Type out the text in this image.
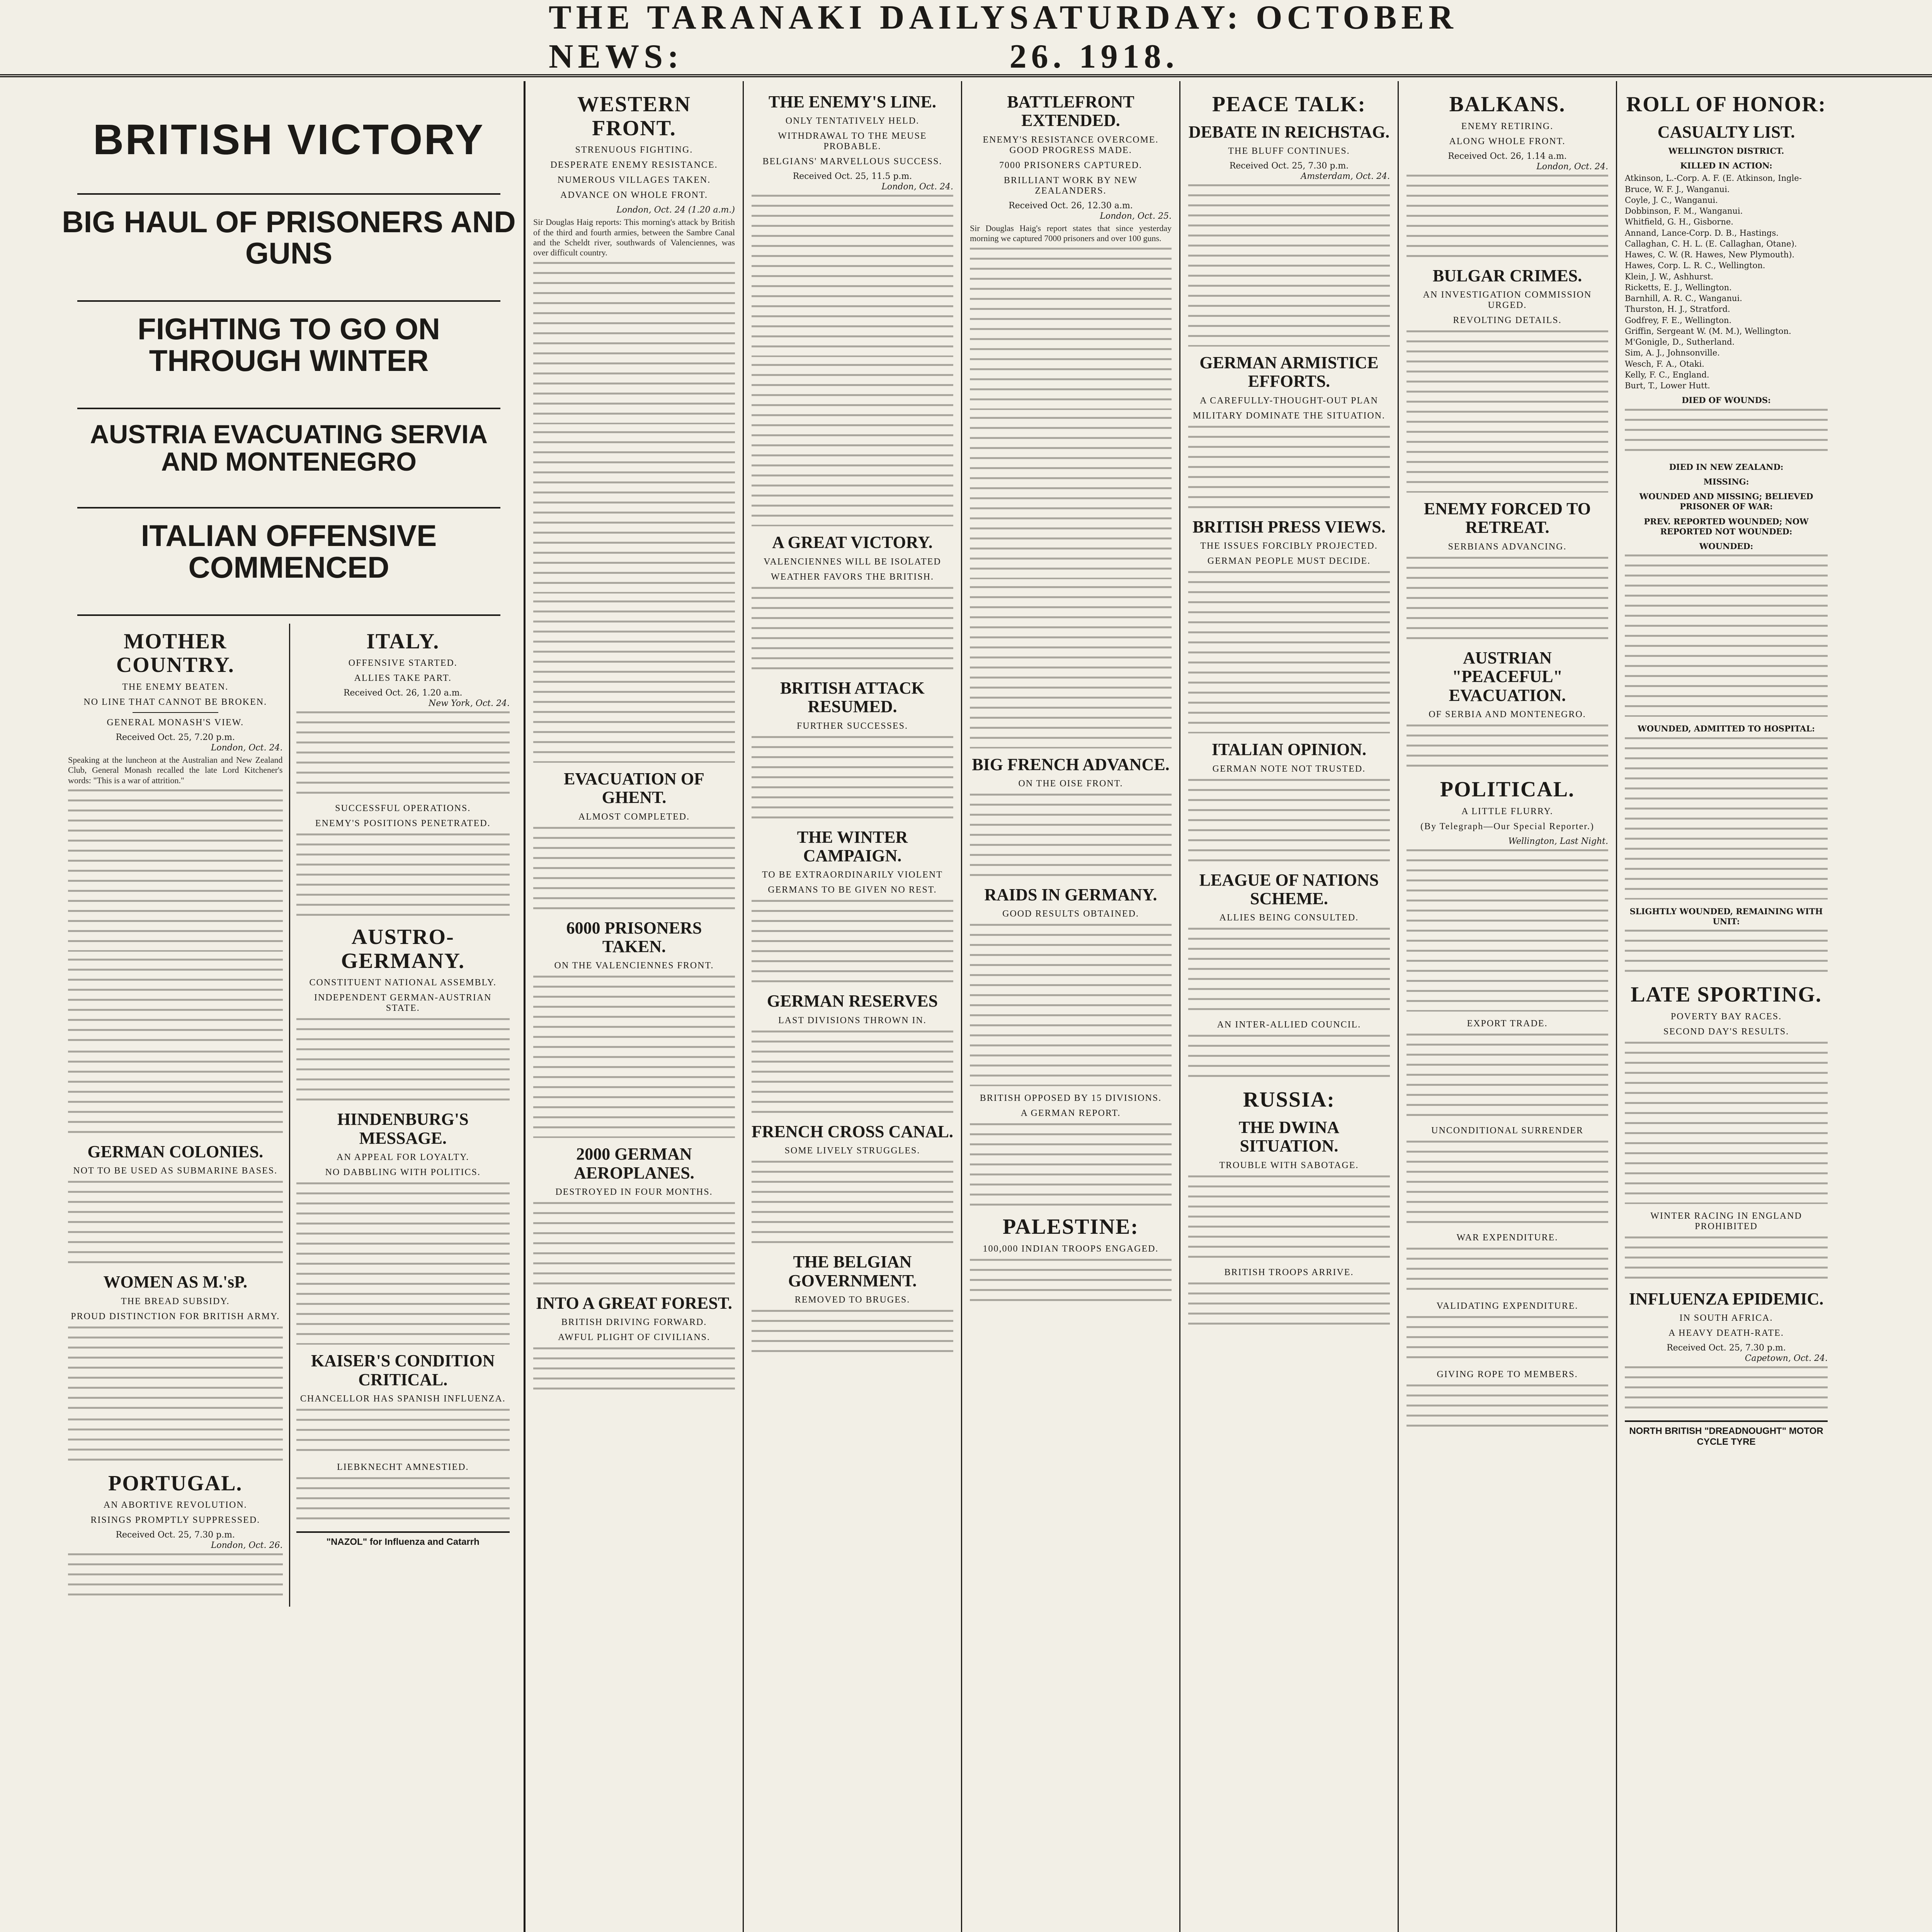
THE TARANAKI DAILY NEWS:
SATURDAY: OCTOBER 26. 1918.
BRITISH VICTORY
BIG HAUL OF PRISONERS AND GUNS
FIGHTING TO GO ON THROUGH WINTER
AUSTRIA EVACUATING SERVIA AND MONTENEGRO
ITALIAN OFFENSIVE COMMENCED
MOTHER COUNTRY.
THE ENEMY BEATEN.
NO LINE THAT CANNOT BE BROKEN.
GENERAL MONASH'S VIEW.
Received Oct. 25, 7.20 p.m.
London, Oct. 24.

Speaking at the luncheon at the Australian and New Zealand Club, General Monash recalled the late Lord Kitchener's words: "This is a war of attrition."

GERMAN COLONIES.
NOT TO BE USED AS SUBMARINE BASES.
WOMEN AS M.'sP.
THE BREAD SUBSIDY.
PROUD DISTINCTION FOR BRITISH ARMY.
PORTUGAL.
AN ABORTIVE REVOLUTION.
RISINGS PROMPTLY SUPPRESSED.
Received Oct. 25, 7.30 p.m.
London, Oct. 26.
ITALY.
OFFENSIVE STARTED.
ALLIES TAKE PART.
Received Oct. 26, 1.20 a.m.
New York, Oct. 24.
SUCCESSFUL OPERATIONS.
ENEMY'S POSITIONS PENETRATED.
AUSTRO-GERMANY.
CONSTITUENT NATIONAL ASSEMBLY.
INDEPENDENT GERMAN-AUSTRIAN STATE.
HINDENBURG'S MESSAGE.
AN APPEAL FOR LOYALTY.
NO DABBLING WITH POLITICS.
KAISER'S CONDITION CRITICAL.
CHANCELLOR HAS SPANISH INFLUENZA.
LIEBKNECHT AMNESTIED.
"NAZOL" for Influenza and Catarrh
WESTERN FRONT.
STRENUOUS FIGHTING.
DESPERATE ENEMY RESISTANCE.
NUMEROUS VILLAGES TAKEN.
ADVANCE ON WHOLE FRONT.
London, Oct. 24 (1.20 a.m.)

Sir Douglas Haig reports: This morning's attack by British of the third and fourth armies, between the Sambre Canal and the Scheldt river, southwards of Valenciennes, was over difficult country.

EVACUATION OF GHENT.
ALMOST COMPLETED.
6000 PRISONERS TAKEN.
ON THE VALENCIENNES FRONT.
2000 GERMAN AEROPLANES.
DESTROYED IN FOUR MONTHS.
INTO A GREAT FOREST.
BRITISH DRIVING FORWARD.
AWFUL PLIGHT OF CIVILIANS.
THE ENEMY'S LINE.
ONLY TENTATIVELY HELD.
WITHDRAWAL TO THE MEUSE PROBABLE.
BELGIANS' MARVELLOUS SUCCESS.
Received Oct. 25, 11.5 p.m.
London, Oct. 24.
A GREAT VICTORY.
VALENCIENNES WILL BE ISOLATED
WEATHER FAVORS THE BRITISH.
BRITISH ATTACK RESUMED.
FURTHER SUCCESSES.
THE WINTER CAMPAIGN.
TO BE EXTRAORDINARILY VIOLENT
GERMANS TO BE GIVEN NO REST.
GERMAN RESERVES
LAST DIVISIONS THROWN IN.
FRENCH CROSS CANAL.
SOME LIVELY STRUGGLES.
THE BELGIAN GOVERNMENT.
REMOVED TO BRUGES.
BATTLEFRONT EXTENDED.
ENEMY'S RESISTANCE OVERCOME. GOOD PROGRESS MADE.
7000 PRISONERS CAPTURED.
BRILLIANT WORK BY NEW ZEALANDERS.
Received Oct. 26, 12.30 a.m.
London, Oct. 25.

Sir Douglas Haig's report states that since yesterday morning we captured 7000 prisoners and over 100 guns.

BIG FRENCH ADVANCE.
ON THE OISE FRONT.
RAIDS IN GERMANY.
GOOD RESULTS OBTAINED.
BRITISH OPPOSED BY 15 DIVISIONS.
A GERMAN REPORT.
PALESTINE:
100,000 INDIAN TROOPS ENGAGED.
PEACE TALK:
DEBATE IN REICHSTAG.
THE BLUFF CONTINUES.
Received Oct. 25, 7.30 p.m.
Amsterdam, Oct. 24.
GERMAN ARMISTICE EFFORTS.
A CAREFULLY-THOUGHT-OUT PLAN
MILITARY DOMINATE THE SITUATION.
BRITISH PRESS VIEWS.
THE ISSUES FORCIBLY PROJECTED.
GERMAN PEOPLE MUST DECIDE.
ITALIAN OPINION.
GERMAN NOTE NOT TRUSTED.
LEAGUE OF NATIONS SCHEME.
ALLIES BEING CONSULTED.
AN INTER-ALLIED COUNCIL.
RUSSIA:
THE DWINA SITUATION.
TROUBLE WITH SABOTAGE.
BRITISH TROOPS ARRIVE.
BALKANS.
ENEMY RETIRING.
ALONG WHOLE FRONT.
Received Oct. 26, 1.14 a.m.
London, Oct. 24.
BULGAR CRIMES.
AN INVESTIGATION COMMISSION URGED.
REVOLTING DETAILS.
ENEMY FORCED TO RETREAT.
SERBIANS ADVANCING.
AUSTRIAN "PEACEFUL" EVACUATION.
OF SERBIA AND MONTENEGRO.
POLITICAL.
A LITTLE FLURRY.
(By Telegraph—Our Special Reporter.)
Wellington, Last Night.
EXPORT TRADE.
UNCONDITIONAL SURRENDER
WAR EXPENDITURE.
VALIDATING EXPENDITURE.
GIVING ROPE TO MEMBERS.
ROLL OF HONOR:
CASUALTY LIST.
WELLINGTON DISTRICT.
KILLED IN ACTION:
Atkinson, L.-Corp. A. F. (E. Atkinson, Ingle-
Bruce, W. F. J., Wanganui.
Coyle, J. C., Wanganui.
Dobbinson, F. M., Wanganui.
Whitfield, G. H., Gisborne.
Annand, Lance-Corp. D. B., Hastings.
Callaghan, C. H. L. (E. Callaghan, Otane).
Hawes, C. W. (R. Hawes, New Plymouth).
Hawes, Corp. L. R. C., Wellington.
Klein, J. W., Ashhurst.
Ricketts, E. J., Wellington.
Barnhill, A. R. C., Wanganui.
Thurston, H. J., Stratford.
Godfrey, F. E., Wellington.
Griffin, Sergeant W. (M. M.), Wellington.
M'Gonigle, D., Sutherland.
Sim, A. J., Johnsonville.
Wesch, F. A., Otaki.
Kelly, F. C., England.
Burt, T., Lower Hutt.
DIED OF WOUNDS:
DIED IN NEW ZEALAND:
MISSING:
WOUNDED AND MISSING; BELIEVED PRISONER OF WAR:
PREV. REPORTED WOUNDED; NOW REPORTED NOT WOUNDED:
WOUNDED:
WOUNDED, ADMITTED TO HOSPITAL:
SLIGHTLY WOUNDED, REMAINING WITH UNIT:
LATE SPORTING.
POVERTY BAY RACES.
SECOND DAY'S RESULTS.
WINTER RACING IN ENGLAND PROHIBITED
INFLUENZA EPIDEMIC.
IN SOUTH AFRICA.
A HEAVY DEATH-RATE.
Received Oct. 25, 7.30 p.m.
Capetown, Oct. 24.
NORTH BRITISH "DREADNOUGHT" MOTOR CYCLE TYRE
